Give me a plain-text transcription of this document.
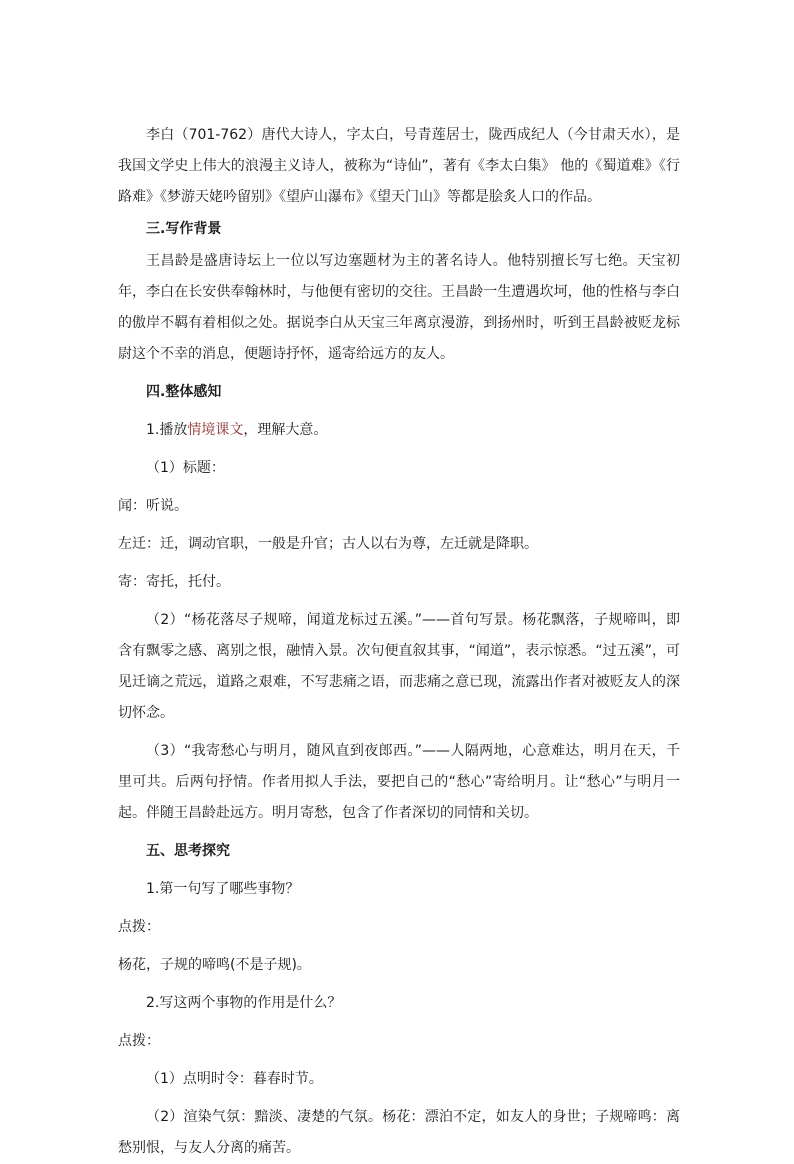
李白（701-762）唐代大诗人，字太白，号青莲居士，陇西成纪人（今甘肃天水），是我国文学史上伟大的浪漫主义诗人，被称为“诗仙”，著有《李太白集》 他的《蜀道难》《行路难》《梦游天姥吟留别》《望庐山瀑布》《望天门山》等都是脍炙人口的作品。

三.写作背景

王昌龄是盛唐诗坛上一位以写边塞题材为主的著名诗人。他特别擅长写七绝。天宝初年，李白在长安供奉翰林时，与他便有密切的交往。王昌龄一生遭遇坎坷，他的性格与李白的傲岸不羁有着相似之处。据说李白从天宝三年离京漫游，到扬州时，听到王昌龄被贬龙标尉这个不幸的消息，便题诗抒怀，遥寄给远方的友人。

四.整体感知

1.播放情境课文，理解大意。

（1）标题：

闻：听说。

左迁：迁，调动官职，一般是升官；古人以右为尊，左迁就是降职。

寄：寄托，托付。

（2）“杨花落尽子规啼，闻道龙标过五溪。”——首句写景。杨花飘落，子规啼叫，即含有飘零之感、离别之恨，融情入景。次句便直叙其事，“闻道”，表示惊悉。“过五溪”，可见迁谪之荒远，道路之艰难，不写悲痛之语，而悲痛之意已现，流露出作者对被贬友人的深切怀念。

（3）“我寄愁心与明月，随风直到夜郎西。”——人隔两地，心意难达，明月在天，千里可共。后两句抒情。作者用拟人手法，要把自己的“愁心”寄给明月。让“愁心”与明月一起。伴随王昌龄赴远方。明月寄愁，包含了作者深切的同情和关切。

五、思考探究

1.第一句写了哪些事物？

点拨：

杨花，子规的啼鸣(不是子规)。

2.写这两个事物的作用是什么？

点拨：

（1）点明时令：暮春时节。

（2）渲染气氛：黯淡、凄楚的气氛。杨花：漂泊不定，如友人的身世；子规啼鸣：离愁别恨，与友人分离的痛苦。
